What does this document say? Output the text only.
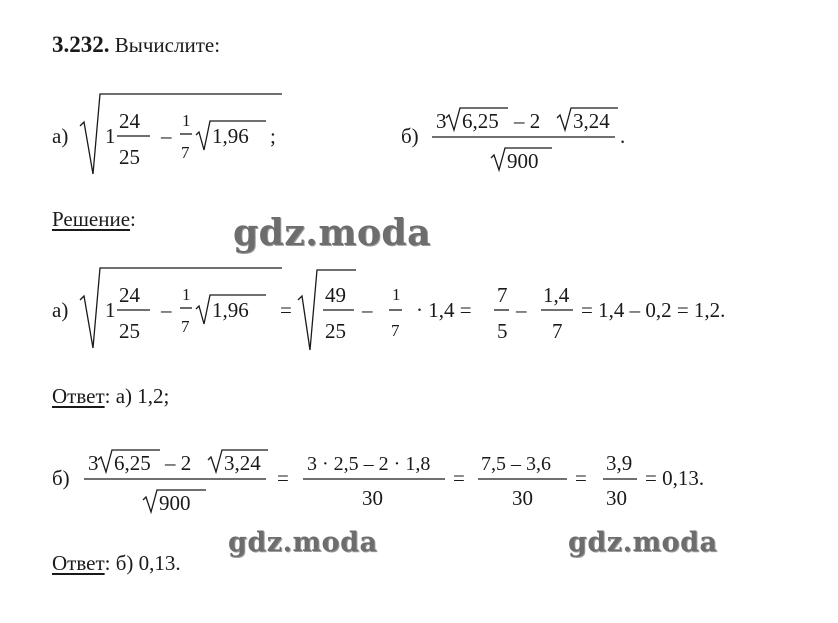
3.232. Вычислите:
а) 1
24
25
–
1
7
1,96 ;	б)
3 6,25 – 2 3,24
900
.
а) 1
24
25
–
1
7
1,96 =
49
25
–
1
7
· 1,4 =
7
5
–
1,4
7
= 1,4 – 0,2 = 1,2.
б)
3 6,25 – 2 3,24
900
=
3 · 2,5 – 2 · 1,8
30
=
7,5 – 3,6
30
=
3,9
30
= 0,13.
Решение:
Ответ: а) 1,2;
Ответ: б) 0,13.
gdz.moda
gdz.moda	gdz.moda
